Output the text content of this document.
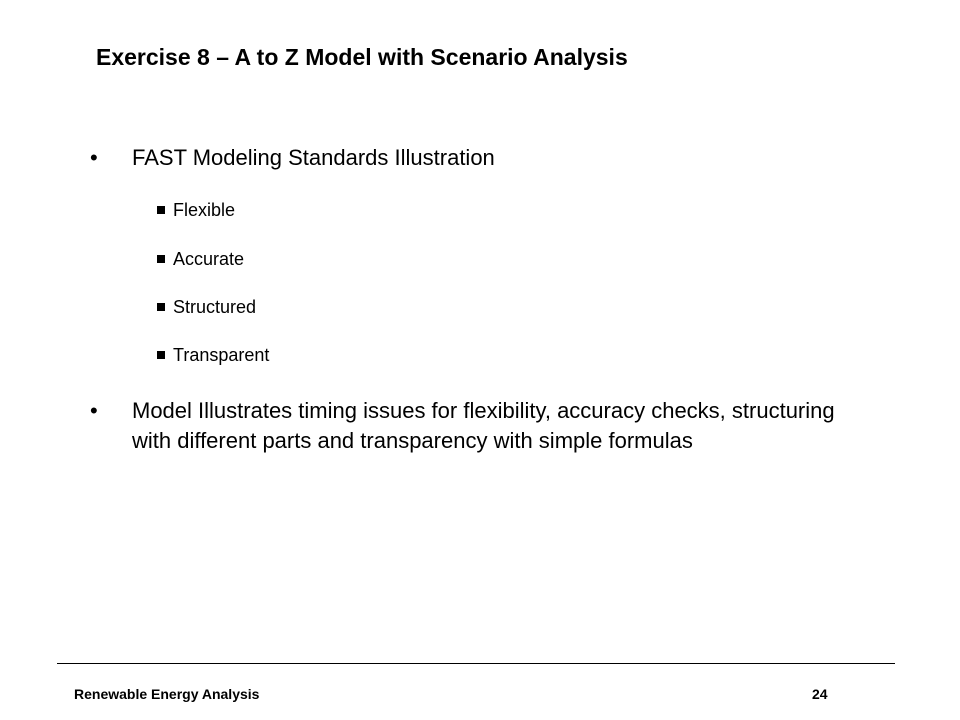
Exercise 8 – A to Z Model with Scenario Analysis
•	FAST Modeling Standards Illustration
Flexible
Accurate
Structured
Transparent
•	Model Illustrates timing issues for flexibility, accuracy checks, structuring with different parts and transparency with simple formulas
Renewable Energy Analysis	24
